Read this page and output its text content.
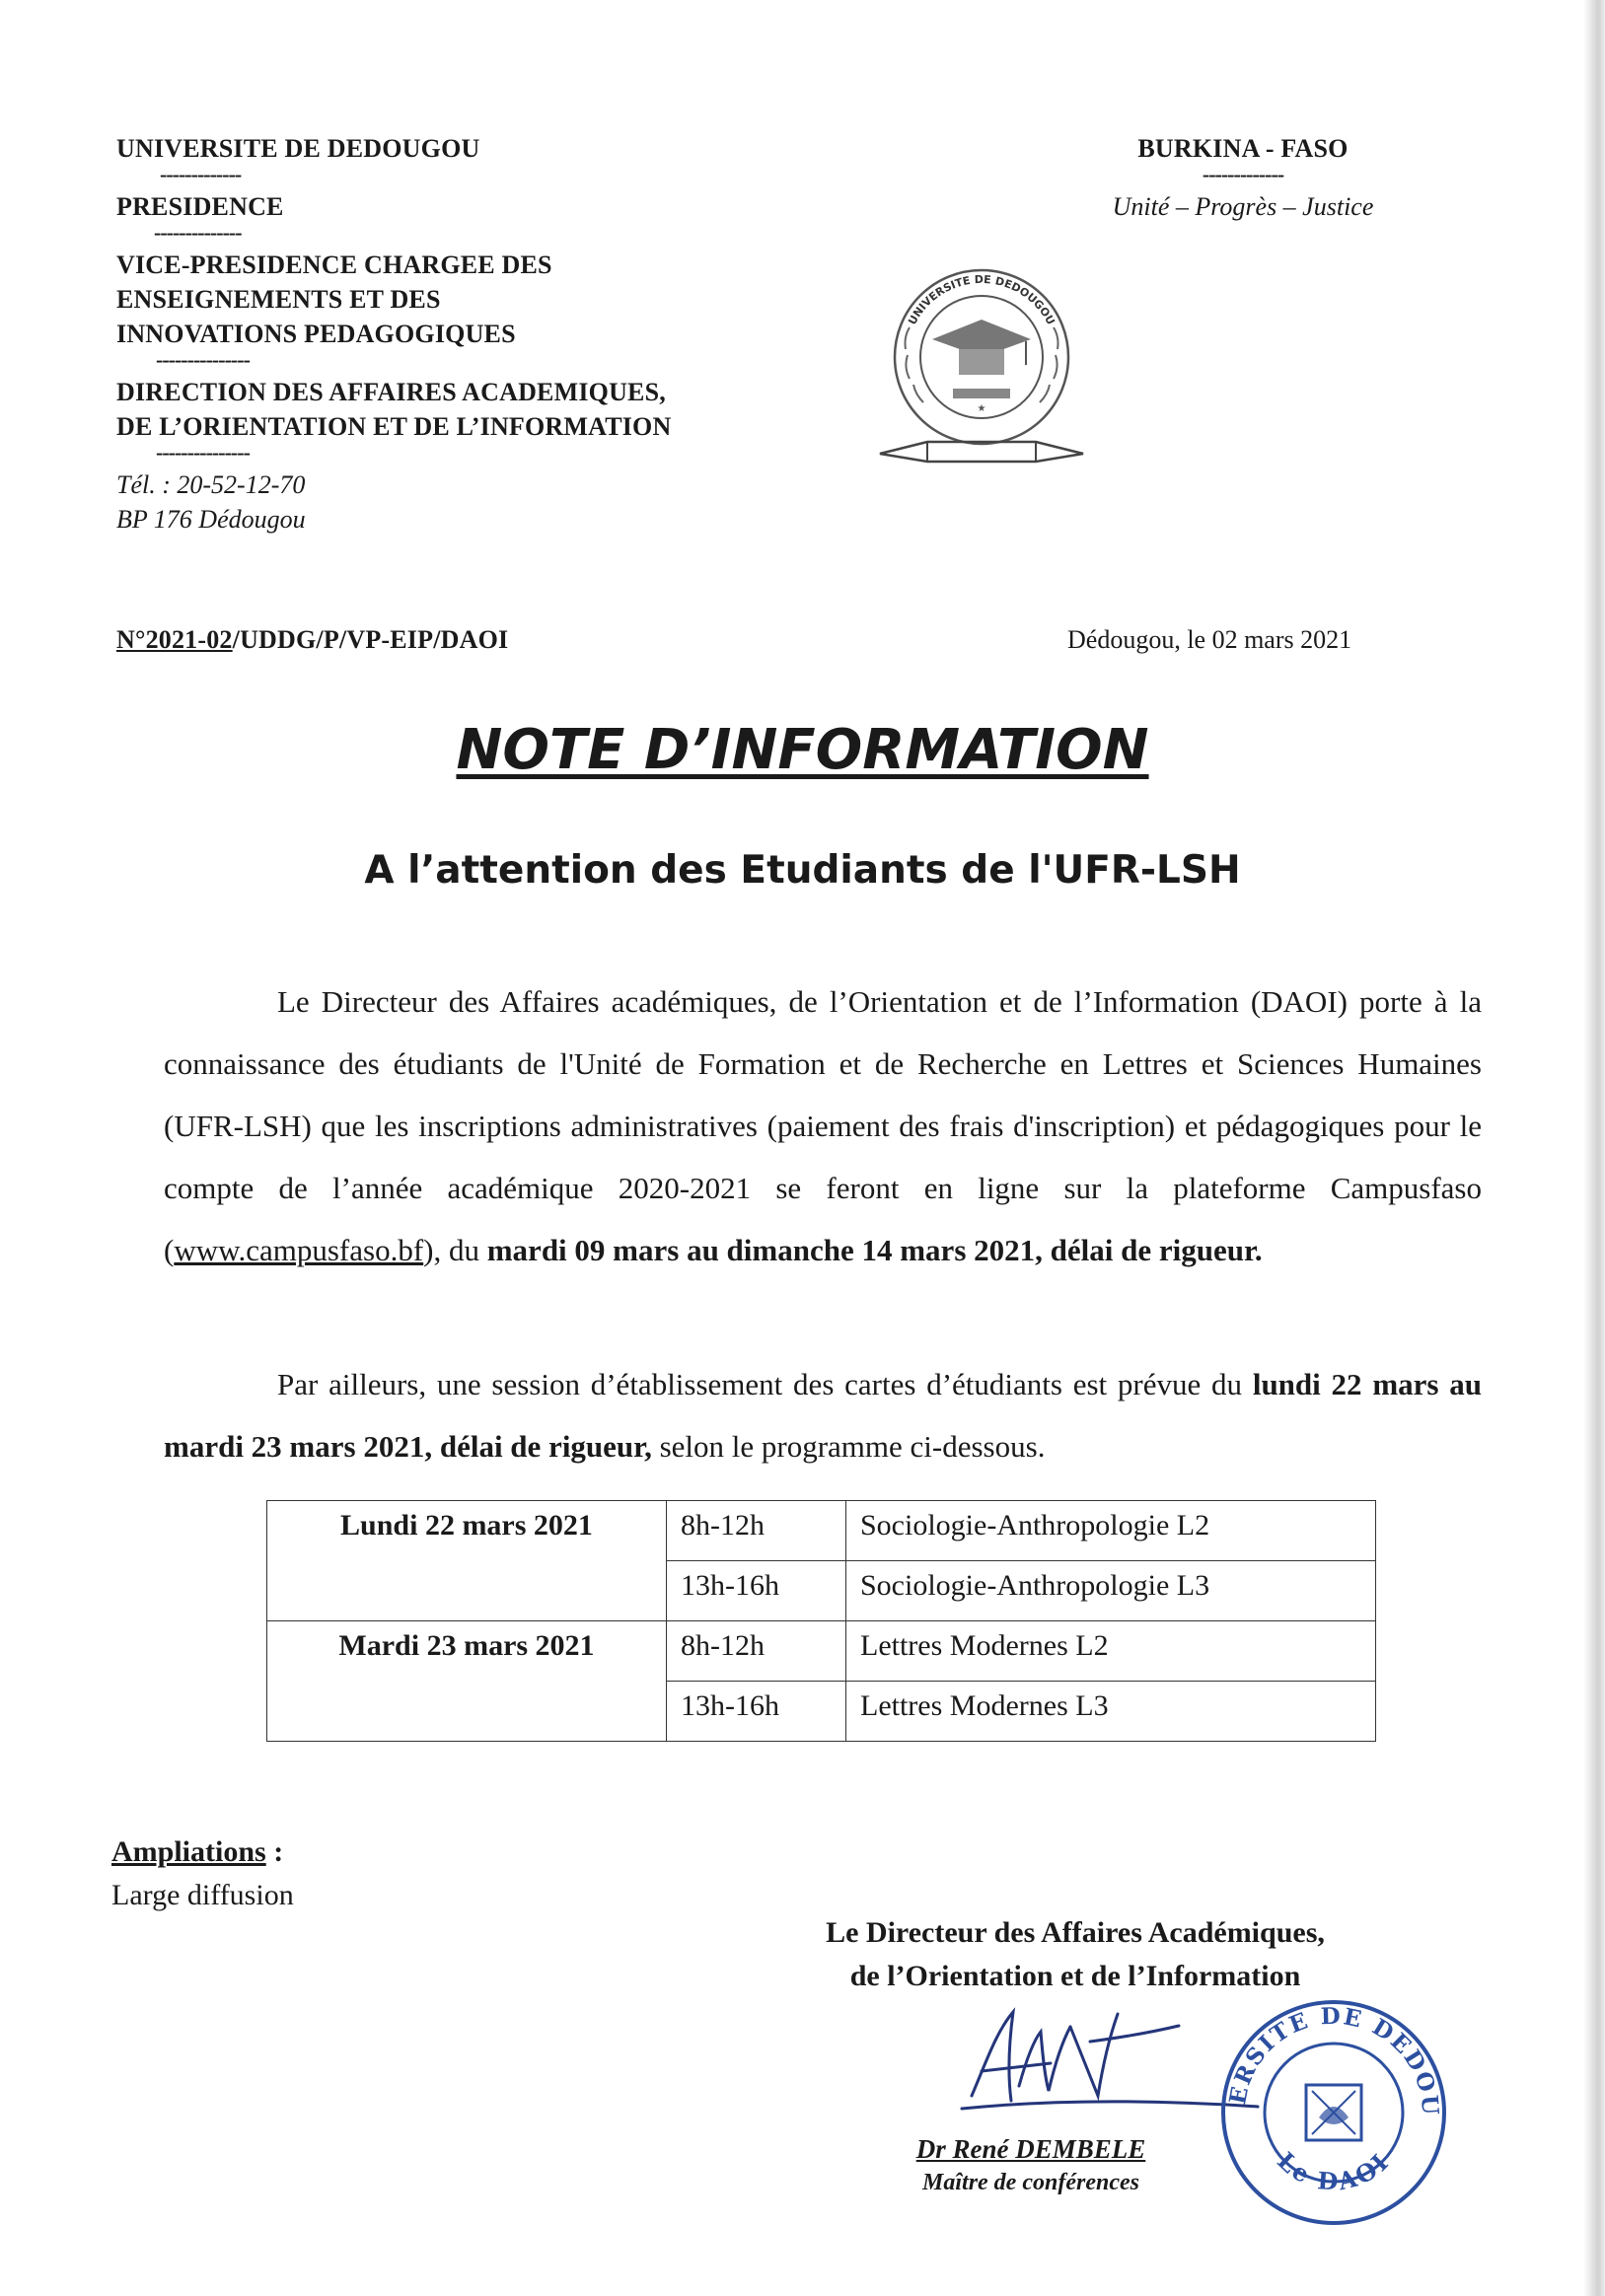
UNIVERSITE DE DEDOUGOU
-------------
PRESIDENCE
--------------
VICE-PRESIDENCE CHARGEE DES
ENSEIGNEMENTS ET DES
INNOVATIONS PEDAGOGIQUES
---------------
DIRECTION DES AFFAIRES ACADEMIQUES,
DE L’ORIENTATION ET DE L’INFORMATION
---------------
Tél. : 20-52-12-70
BP 176 Dédougou
BURKINA - FASO
-------------
Unité – Progrès – Justice
UNIVERSITE DE DEDOUGOU
★
N°2021-02/UDDG/P/VP-EIP/DAOI	Dédougou, le 02 mars 2021
NOTE D’INFORMATION
A l’attention des Etudiants de l'UFR-LSH
Le Directeur des Affaires académiques, de l’Orientation et de l’Information (DAOI) porte à la connaissance des étudiants de l'Unité de Formation et de Recherche en Lettres et Sciences Humaines (UFR-LSH) que les inscriptions administratives (paiement des frais d'inscription) et pédagogiques pour le compte de l’année académique 2020-2021 se feront en ligne sur la plateforme Campusfaso (www.campusfaso.bf), du mardi 09 mars au dimanche 14 mars 2021, délai de rigueur.
Par ailleurs, une session d’établissement des cartes d’étudiants est prévue du lundi 22 mars au mardi 23 mars 2021, délai de rigueur, selon le programme ci-dessous.
Lundi 22 mars 2021	8h-12h	Sociologie-Anthropologie L2
	13h-16h	Sociologie-Anthropologie L3
Mardi 23 mars 2021	8h-12h	Lettres Modernes L2
	13h-16h	Lettres Modernes L3
Ampliations :
Large diffusion
Le Directeur des Affaires Académiques,
de l’Orientation et de l’Information
Dr René DEMBELE
Maître de conférences
ERSITE DE DEDOU
Le DAOI
